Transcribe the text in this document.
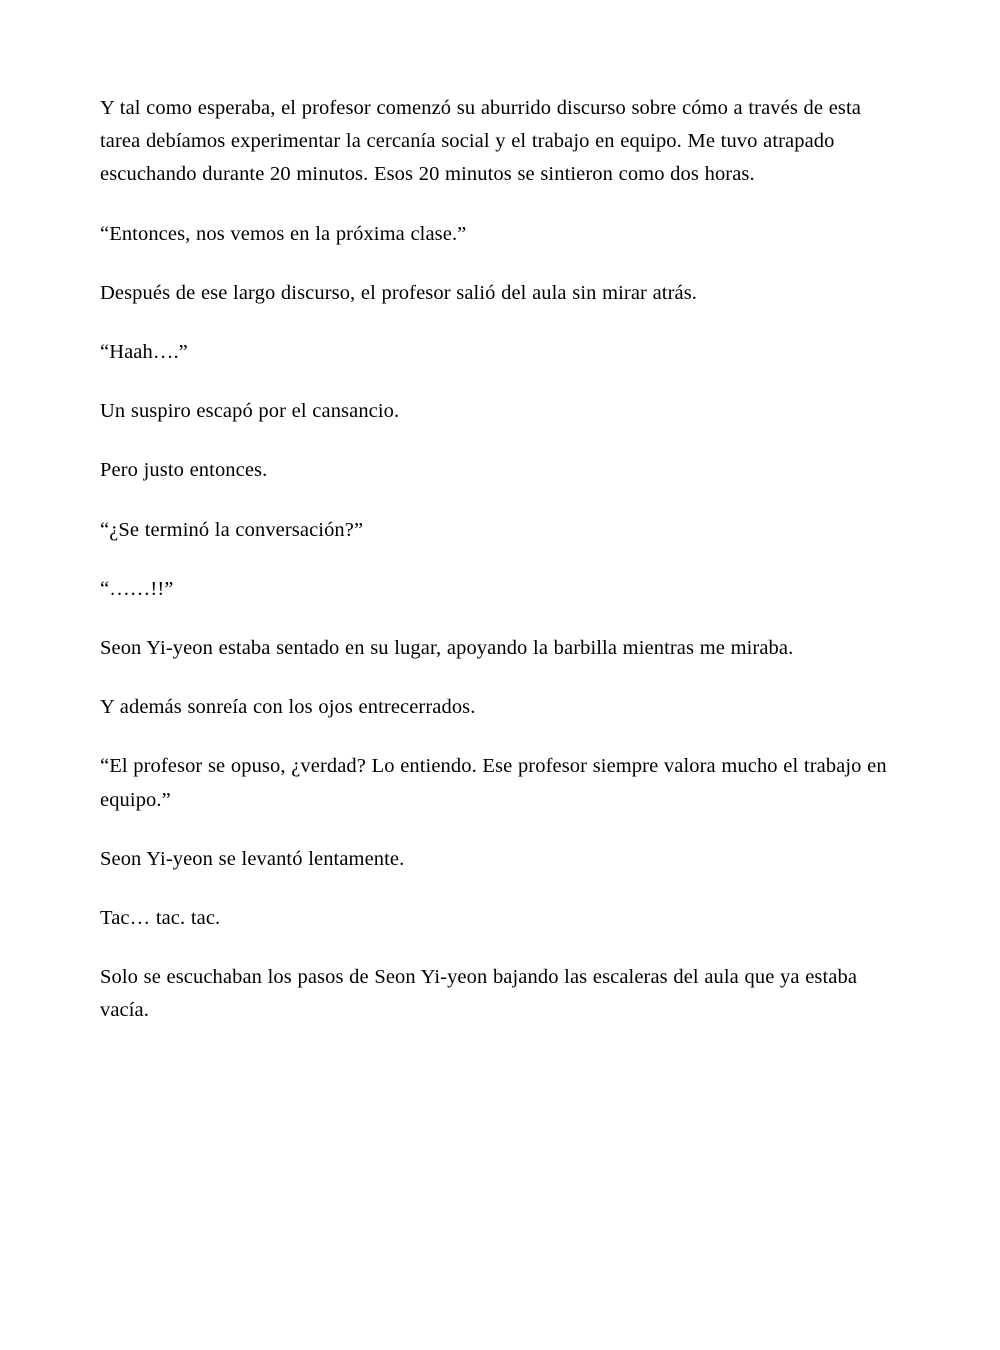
Y tal como esperaba, el profesor comenzó su aburrido discurso sobre cómo a través de esta tarea debíamos experimentar la cercanía social y el trabajo en equipo. Me tuvo atrapado escuchando durante 20 minutos. Esos 20 minutos se sintieron como dos horas.

“Entonces, nos vemos en la próxima clase.”

Después de ese largo discurso, el profesor salió del aula sin mirar atrás.

“Haah….”

Un suspiro escapó por el cansancio.

Pero justo entonces.

“¿Se terminó la conversación?”

“……!!”

Seon Yi-yeon estaba sentado en su lugar, apoyando la barbilla mientras me miraba.

Y además sonreía con los ojos entrecerrados.

“El profesor se opuso, ¿verdad? Lo entiendo. Ese profesor siempre valora mucho el trabajo en equipo.”

Seon Yi-yeon se levantó lentamente.

Tac… tac. tac.

Solo se escuchaban los pasos de Seon Yi-yeon bajando las escaleras del aula que ya estaba vacía.
